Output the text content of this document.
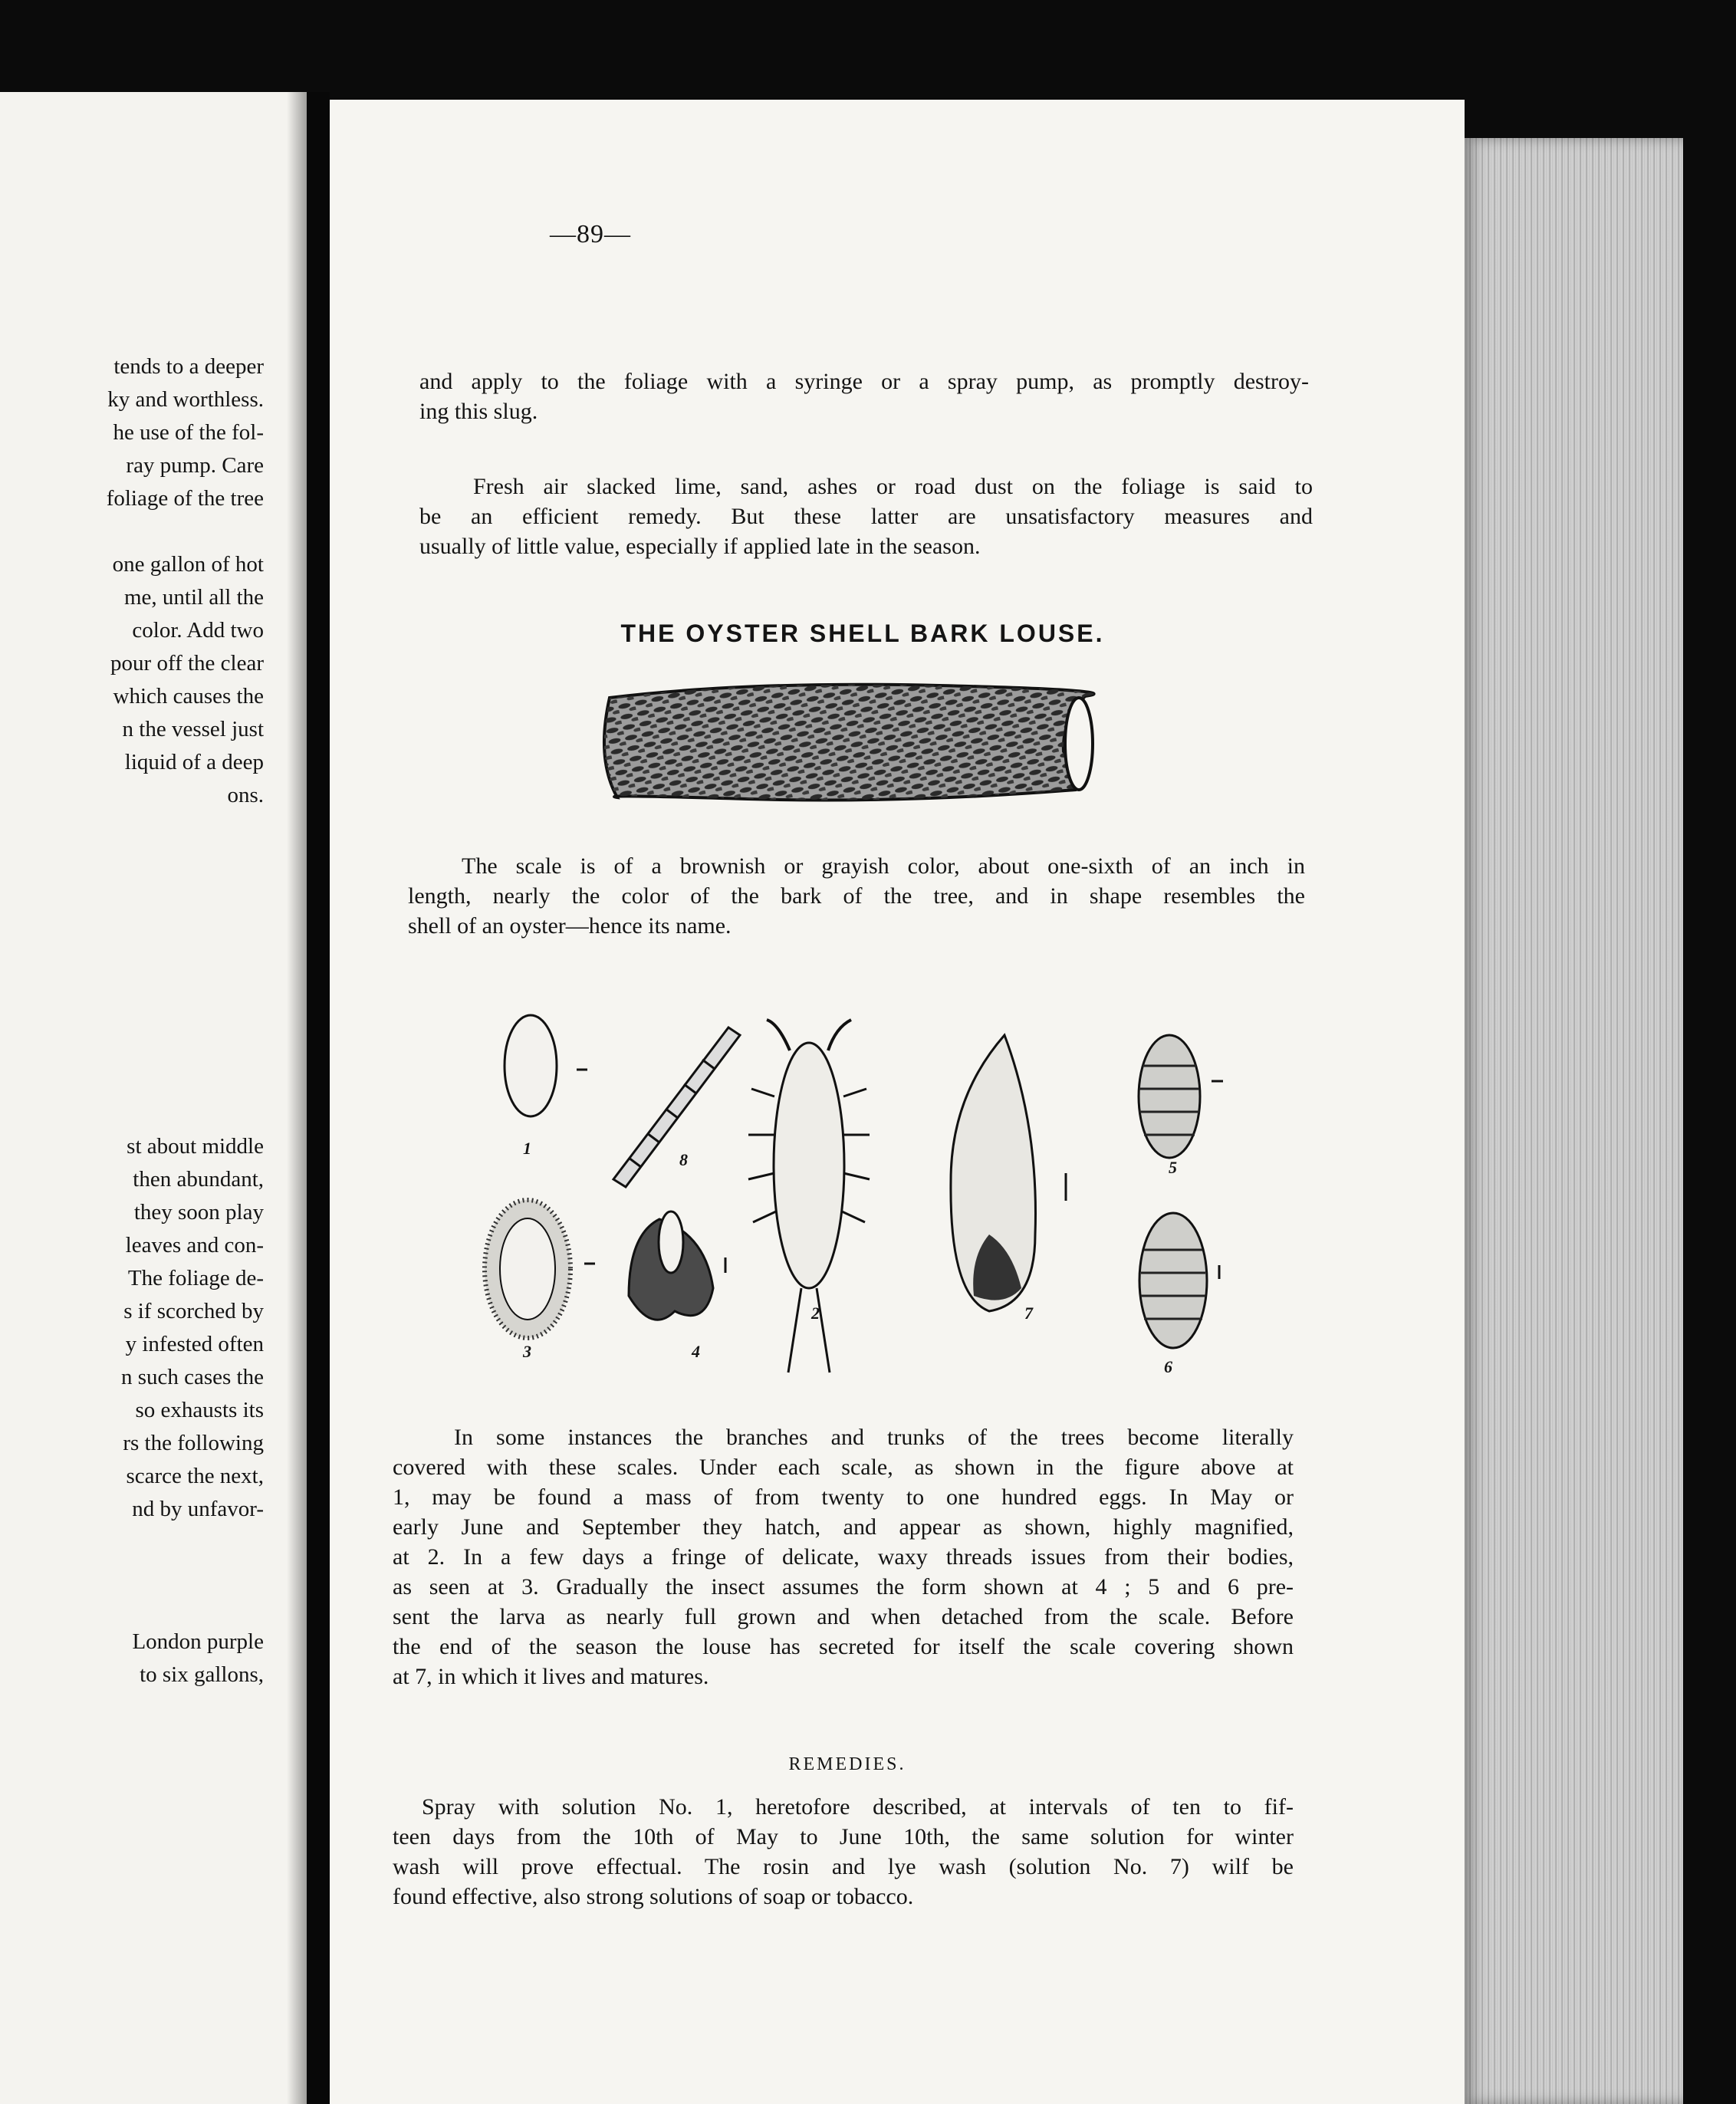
tends to a deeper
ky and worthless.
he use of the fol-
ray pump. Care
foliage of the tree
one gallon of hot
me, until all the
color. Add two
pour off the clear
which causes the
n the vessel just
liquid of a deep
ons.
st about middle
then abundant,
they soon play
leaves and con-
The foliage de-
s if scorched by
y infested often
n such cases the
so exhausts its
rs the following
scarce the next,
nd by unfavor-
London purple
to six gallons,
—89—
and apply to the foliage with a syringe or a spray pump, as promptly destroy-
ing this slug.
Fresh air slacked lime, sand, ashes or road dust on the foliage is said to
be an efficient remedy. But these latter are unsatisfactory measures and
usually of little value, especially if applied late in the season.
THE OYSTER SHELL BARK LOUSE.
The scale is of a brownish or grayish color, about one-sixth of an inch in
length, nearly the color of the bark of the tree, and in shape resembles the
shell of an oyster—hence its name.
1
2
3	4
5
6
7
8
In some instances the branches and trunks of the trees become literally
covered with these scales. Under each scale, as shown in the figure above at
1, may be found a mass of from twenty to one hundred eggs. In May or
early June and September they hatch, and appear as shown, highly magnified,
at 2. In a few days a fringe of delicate, waxy threads issues from their bodies,
as seen at 3. Gradually the insect assumes the form shown at 4 ; 5 and 6 pre-
sent the larva as nearly full grown and when detached from the scale. Before
the end of the season the louse has secreted for itself the scale covering shown
at 7, in which it lives and matures.
REMEDIES.
Spray with solution No. 1, heretofore described, at intervals of ten to fif-
teen days from the 10th of May to June 10th, the same solution for winter
wash will prove effectual. The rosin and lye wash (solution No. 7) wilf be
found effective, also strong solutions of soap or tobacco.
